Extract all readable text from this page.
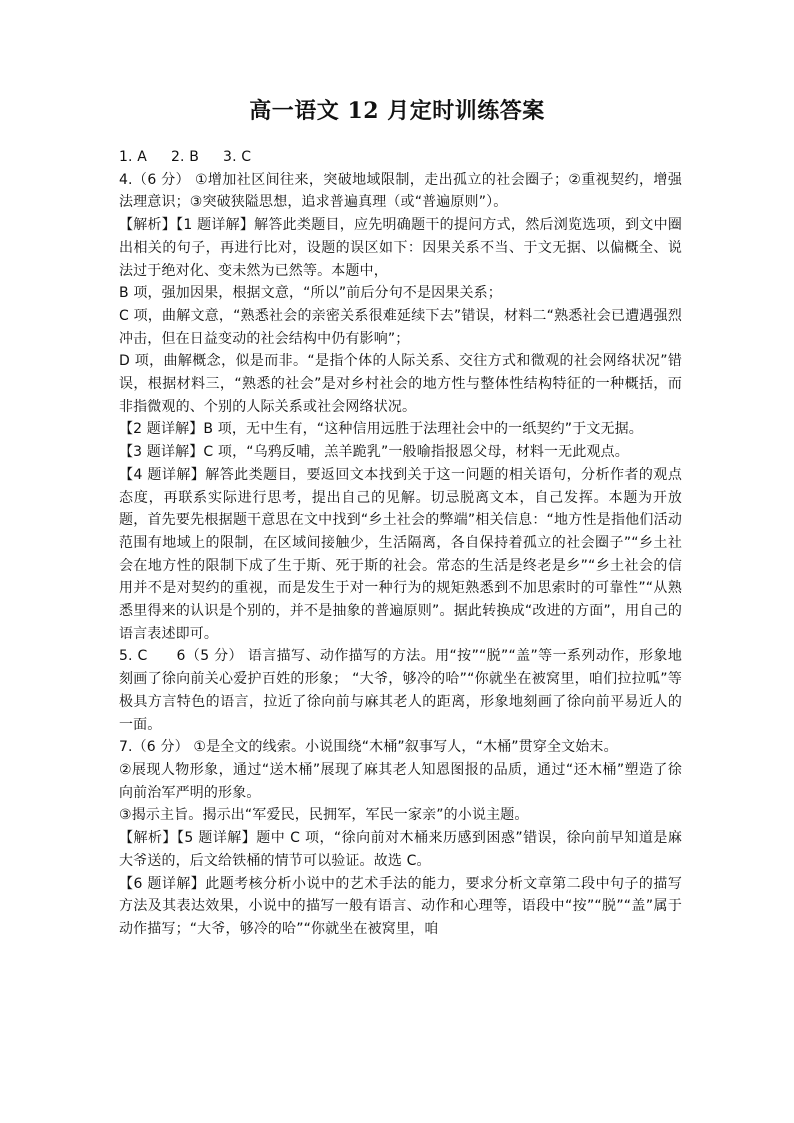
高一语文 12 月定时训练答案

1. A 2. B 3. C

4.（6 分） ①增加社区间往来，突破地域限制，走出孤立的社会圈子；②重视契约，增强法理意识；③突破狭隘思想，追求普遍真理（或“普遍原则”）。

【解析】【1 题详解】解答此类题目，应先明确题干的提问方式，然后浏览选项，到文中圈出相关的句子，再进行比对，设题的误区如下：因果关系不当、于文无据、以偏概全、说法过于绝对化、变未然为已然等。本题中，

B 项，强加因果，根据文意，“所以”前后分句不是因果关系；

C 项，曲解文意，“熟悉社会的亲密关系很难延续下去”错误，材料二“熟悉社会已遭遇强烈冲击，但在日益变动的社会结构中仍有影响”；

D 项，曲解概念，似是而非。“是指个体的人际关系、交往方式和微观的社会网络状况”错误，根据材料三，“熟悉的社会”是对乡村社会的地方性与整体性结构特征的一种概括，而非指微观的、个别的人际关系或社会网络状况。

【2 题详解】B 项，无中生有，“这种信用远胜于法理社会中的一纸契约”于文无据。

【3 题详解】C 项，“乌鸦反哺，羔羊跪乳”一般喻指报恩父母，材料一无此观点。

【4 题详解】解答此类题目，要返回文本找到关于这一问题的相关语句，分析作者的观点态度，再联系实际进行思考，提出自己的见解。切忌脱离文本，自己发挥。本题为开放题，首先要先根据题干意思在文中找到“乡土社会的弊端”相关信息：“地方性是指他们活动范围有地域上的限制，在区域间接触少，生活隔离，各自保持着孤立的社会圈子”“乡土社会在地方性的限制下成了生于斯、死于斯的社会。常态的生活是终老是乡”“乡土社会的信用并不是对契约的重视，而是发生于对一种行为的规矩熟悉到不加思索时的可靠性”“从熟悉里得来的认识是个别的，并不是抽象的普遍原则”。据此转换成“改进的方面”，用自己的语言表述即可。

5. C　　6（5 分） 语言描写、动作描写的方法。用“按”“脱”“盖”等一系列动作，形象地刻画了徐向前关心爱护百姓的形象； “大爷，够冷的哈”“你就坐在被窝里，咱们拉拉呱”等极具方言特色的语言，拉近了徐向前与麻其老人的距离，形象地刻画了徐向前平易近人的一面。

7.（6 分） ①是全文的线索。小说围绕“木桶”叙事写人，“木桶”贯穿全文始末。

②展现人物形象，通过“送木桶”展现了麻其老人知恩图报的品质，通过“还木桶”塑造了徐向前治军严明的形象。

③揭示主旨。揭示出“军爱民，民拥军，军民一家亲”的小说主题。

【解析】【5 题详解】题中 C 项，“徐向前对木桶来历感到困惑”错误，徐向前早知道是麻大爷送的，后文给铁桶的情节可以验证。故选 C。

【6 题详解】此题考核分析小说中的艺术手法的能力，要求分析文章第二段中句子的描写方法及其表达效果，小说中的描写一般有语言、动作和心理等，语段中“按”“脱”“盖”属于动作描写；“大爷，够冷的哈”“你就坐在被窝里，咱
